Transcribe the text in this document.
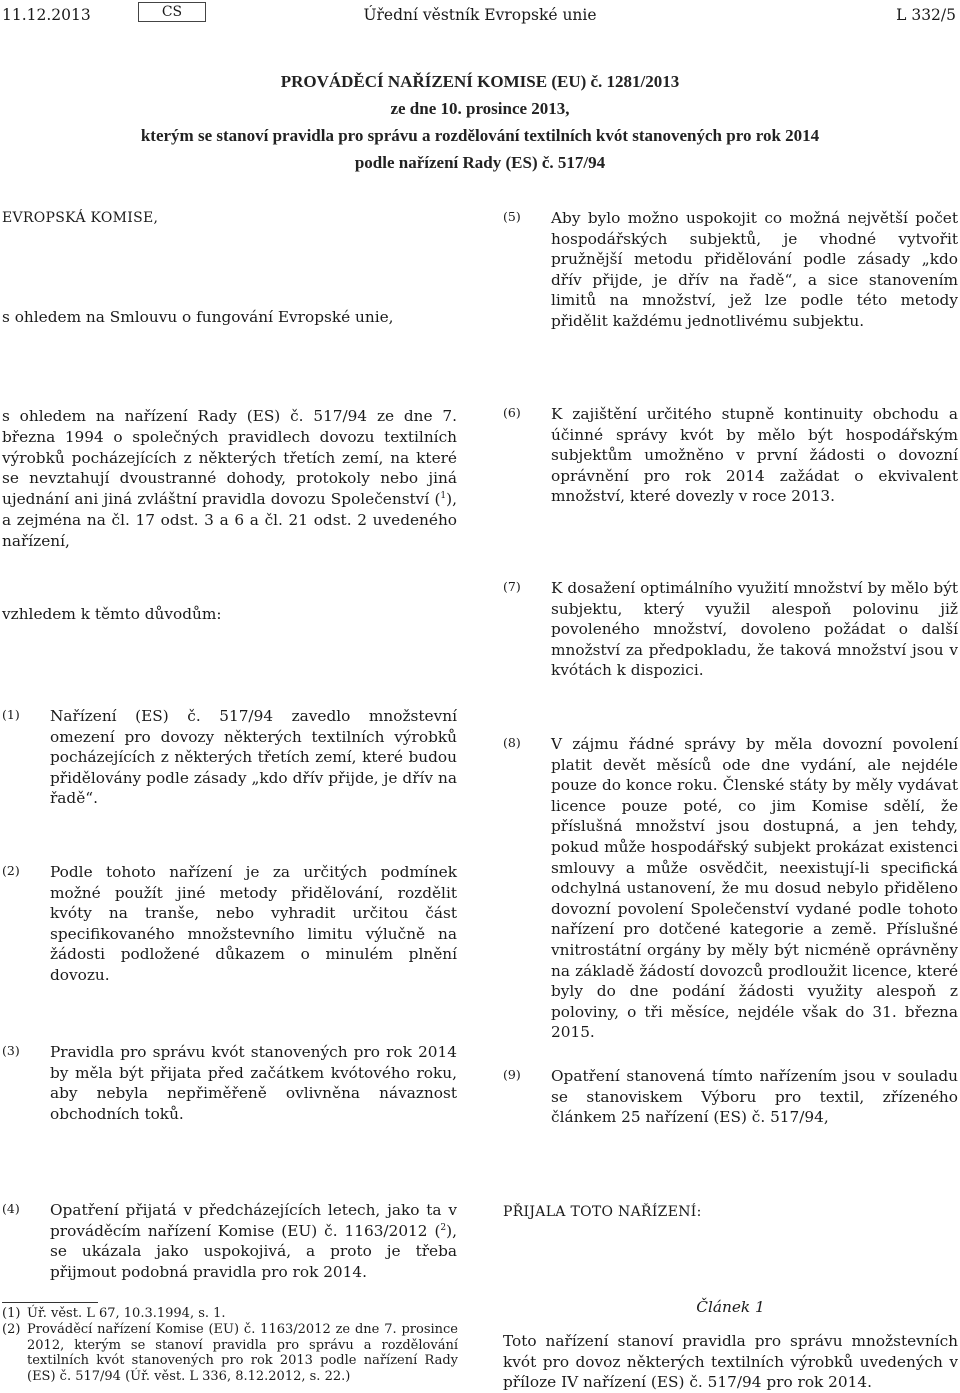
11.12.2013	CS	Úřední věstník Evropské unie	L 332/5
PROVÁDĚCÍ NAŘÍZENÍ KOMISE (EU) č. 1281/2013
ze dne 10. prosince 2013,
kterým se stanoví pravidla pro správu a rozdělování textilních kvót stanovených pro rok 2014
podle nařízení Rady (ES) č. 517/94
EVROPSKÁ KOMISE,
s ohledem na Smlouvu o fungování Evropské unie,
s ohledem na nařízení Rady (ES) č. 517/94 ze dne 7. března 1994 o společných pravidlech dovozu textilních výrobků pocházejících z některých třetích zemí, na které se nevztahují dvoustranné dohody, protokoly nebo jiná ujednání ani jiná zvláštní pravidla dovozu Společenství ($^1$), a zejména na čl. 17 odst. 3 a 6 a čl. 21 odst. 2 uvedeného nařízení,
vzhledem k těmto důvodům:
(1) Nařízení (ES) č. 517/94 zavedlo množstevní omezení pro dovozy některých textilních výrobků pocházejících z některých třetích zemí, které budou přidělovány podle zásady „kdo dřív přijde, je dřív na řadě“.
(2) Podle tohoto nařízení je za určitých podmínek možné použít jiné metody přidělování, rozdělit kvóty na tranše, nebo vyhradit určitou část specifikovaného množstevního limitu výlučně na žádosti podložené důkazem o minulém plnění dovozu.
(3) Pravidla pro správu kvót stanovených pro rok 2014 by měla být přijata před začátkem kvótového roku, aby nebyla nepřiměřeně ovlivněna návaznost obchodních toků.
(4) Opatření přijatá v předcházejících letech, jako ta v prováděcím nařízení Komise (EU) č. 1163/2012 ($^2$), se ukázala jako uspokojivá, a proto je třeba přijmout podobná pravidla pro rok 2014.
(1) Úř. věst. L 67, 10.3.1994, s. 1.
(2) Prováděcí nařízení Komise (EU) č. 1163/2012 ze dne 7. prosince 2012, kterým se stanoví pravidla pro správu a rozdělování textilních kvót stanovených pro rok 2013 podle nařízení Rady (ES) č. 517/94 (Úř. věst. L 336, 8.12.2012, s. 22.)
(5) Aby bylo možno uspokojit co možná největší počet hospodářských subjektů, je vhodné vytvořit pružnější metodu přidělování podle zásady „kdo dřív přijde, je dřív na řadě“, a sice stanovením limitů na množství, jež lze podle této metody přidělit každému jednotlivému subjektu.
(6) K zajištění určitého stupně kontinuity obchodu a účinné správy kvót by mělo být hospodářským subjektům umožněno v první žádosti o dovozní oprávnění pro rok 2014 zažádat o ekvivalent množství, které dovezly v roce 2013.
(7) K dosažení optimálního využití množství by mělo být subjektu, který využil alespoň polovinu již povoleného množství, dovoleno požádat o další množství za předpokladu, že taková množství jsou v kvótách k dispozici.
(8) V zájmu řádné správy by měla dovozní povolení platit devět měsíců ode dne vydání, ale nejdéle pouze do konce roku. Členské státy by měly vydávat licence pouze poté, co jim Komise sdělí, že příslušná množství jsou dostupná, a jen tehdy, pokud může hospodářský subjekt prokázat existenci smlouvy a může osvědčit, neexistují-li specifická odchylná ustanovení, že mu dosud nebylo přiděleno dovozní povolení Společenství vydané podle tohoto nařízení pro dotčené kategorie a země. Příslušné vnitrostátní orgány by měly být nicméně oprávněny na základě žádostí dovozců prodloužit licence, které byly do dne podání žádosti využity alespoň z poloviny, o tři měsíce, nejdéle však do 31. března 2015.
(9) Opatření stanovená tímto nařízením jsou v souladu se stanoviskem Výboru pro textil, zřízeného článkem 25 nařízení (ES) č. 517/94,
PŘIJALA TOTO NAŘÍZENÍ:
Článek 1
Toto nařízení stanoví pravidla pro správu množstevních kvót pro dovoz některých textilních výrobků uvedených v příloze IV nařízení (ES) č. 517/94 pro rok 2014.
